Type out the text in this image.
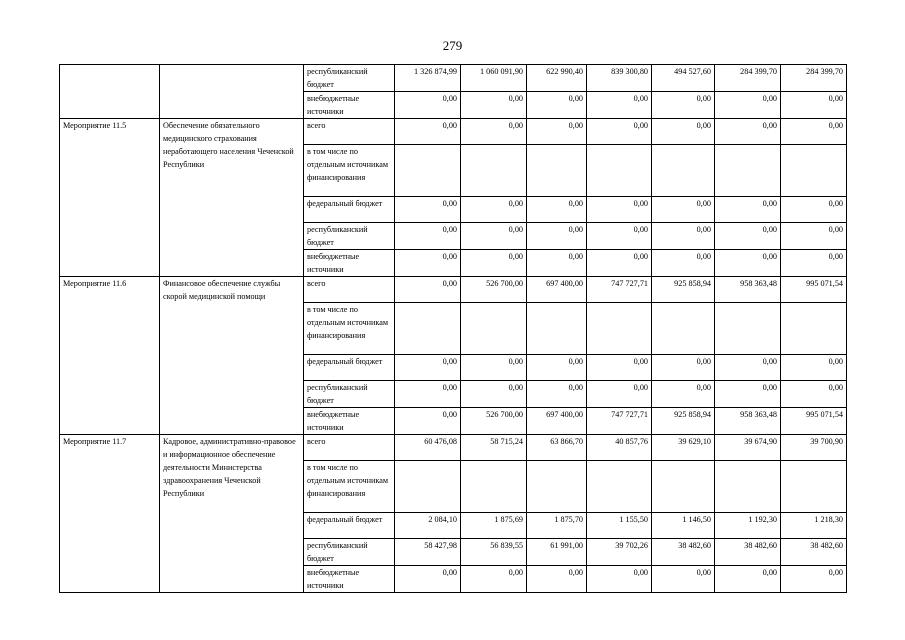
279
		республиканский бюджет	1 326 874,99	1 060 091,90	622 990,40	839 300,80	494 527,60	284 399,70	284 399,70
		внебюджетные источники	0,00	0,00	0,00	0,00	0,00	0,00	0,00
Мероприятие 11.5	Обеспечение обязательного медицинского страхования неработающего населения Чеченской Республики	всего	0,00	0,00	0,00	0,00	0,00	0,00	0,00
		в том числе по отдельным источникам финансирования							
		федеральный бюджет	0,00	0,00	0,00	0,00	0,00	0,00	0,00
		республиканский бюджет	0,00	0,00	0,00	0,00	0,00	0,00	0,00
		внебюджетные источники	0,00	0,00	0,00	0,00	0,00	0,00	0,00
Мероприятие 11.6	Финансовое обеспечение службы скорой медицинской помощи	всего	0,00	526 700,00	697 400,00	747 727,71	925 858,94	958 363,48	995 071,54
		в том числе по отдельным источникам финансирования							
		федеральный бюджет	0,00	0,00	0,00	0,00	0,00	0,00	0,00
		республиканский бюджет	0,00	0,00	0,00	0,00	0,00	0,00	0,00
		внебюджетные источники	0,00	526 700,00	697 400,00	747 727,71	925 858,94	958 363,48	995 071,54
Мероприятие 11.7	Кадровое, административно-правовое и информационное обеспечение деятельности Министерства здравоохранения Чеченской Республики	всего	60 476,08	58 715,24	63 866,70	40 857,76	39 629,10	39 674,90	39 700,90
		в том числе по отдельным источникам финансирования							
		федеральный бюджет	2 084,10	1 875,69	1 875,70	1 155,50	1 146,50	1 192,30	1 218,30
		республиканский бюджет	58 427,98	56 839,55	61 991,00	39 702,26	38 482,60	38 482,60	38 482,60
		внебюджетные источники	0,00	0,00	0,00	0,00	0,00	0,00	0,00
